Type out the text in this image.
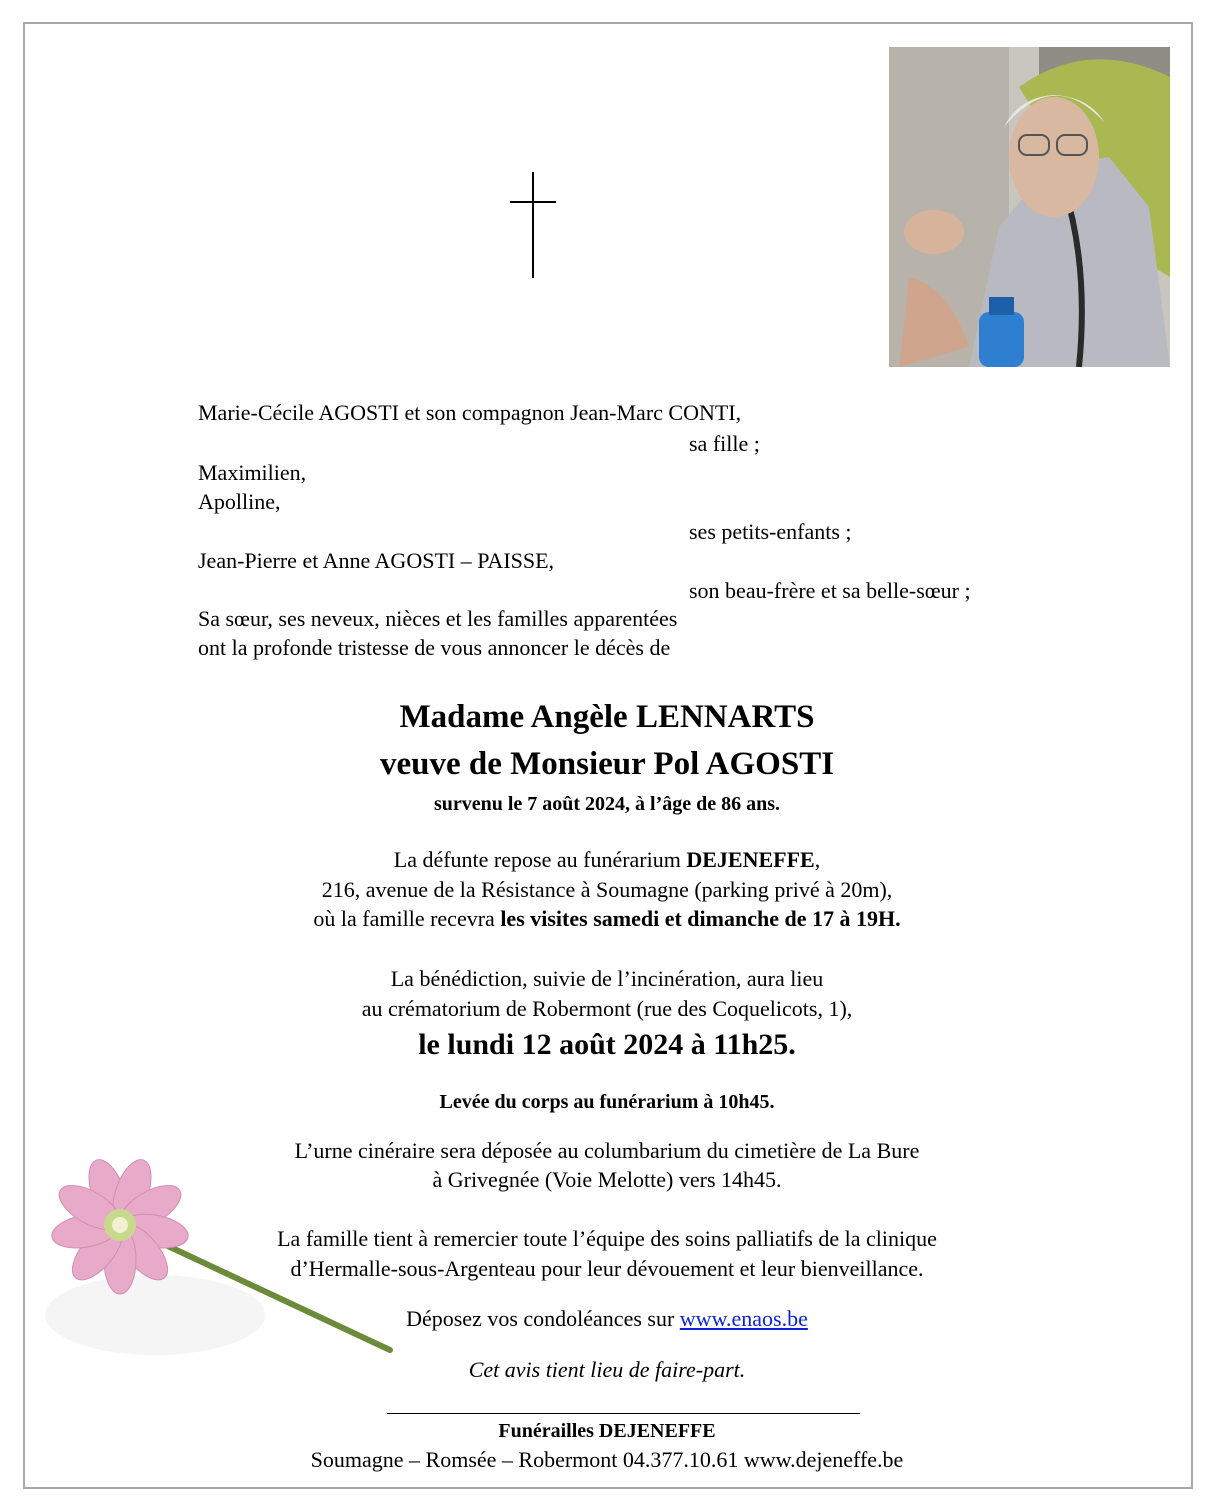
Marie-Cécile AGOSTI et son compagnon Jean-Marc CONTI,
sa fille ;
Maximilien,
Apolline,
ses petits-enfants ;
Jean-Pierre et Anne AGOSTI – PAISSE,
son beau-frère et sa belle-sœur ;
Sa sœur, ses neveux, nièces et les familles apparentées
ont la profonde tristesse de vous annoncer le décès de
Madame Angèle LENNARTS
veuve de Monsieur Pol AGOSTI
survenu le 7 août 2024, à l’âge de 86 ans.
La défunte repose au funérarium DEJENEFFE,
216, avenue de la Résistance à Soumagne (parking privé à 20m),
où la famille recevra les visites samedi et dimanche de 17 à 19H.
La bénédiction, suivie de l’incinération, aura lieu
au crématorium de Robermont (rue des Coquelicots, 1),
le lundi 12 août 2024 à 11h25.
Levée du corps au funérarium à 10h45.
L’urne cinéraire sera déposée au columbarium du cimetière de La Bure
à Grivegnée (Voie Melotte) vers 14h45.
La famille tient à remercier toute l’équipe des soins palliatifs de la clinique
d’Hermalle-sous-Argenteau pour leur dévouement et leur bienveillance.
Déposez vos condoléances sur www.enaos.be
Cet avis tient lieu de faire-part.
Funérailles DEJENEFFE
Soumagne – Romsée – Robermont 04.377.10.61 www.dejeneffe.be
